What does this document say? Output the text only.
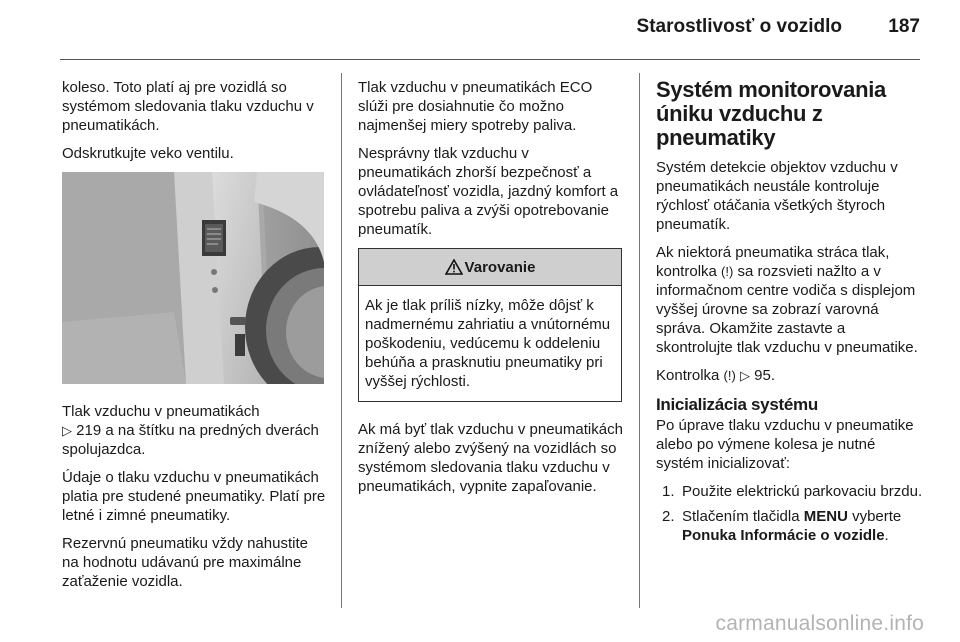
Starostlivosť o vozidlo 187

koleso. Toto platí aj pre vozidlá so systémom sledovania tlaku vzduchu v pneumatikách.

Odskrutkujte veko ventilu.

Tlak vzduchu v pneumatikách
▷ 219 a na štítku na predných dverách spolujazdca.

Údaje o tlaku vzduchu v pneumatikách platia pre studené pneumatiky. Platí pre letné i zimné pneumatiky.

Rezervnú pneumatiku vždy nahustite na hodnotu udávanú pre maximálne zaťaženie vozidla.

Tlak vzduchu v pneumatikách ECO slúži pre dosiahnutie čo možno najmenšej miery spotreby paliva.

Nesprávny tlak vzduchu v pneumatikách zhorší bezpečnosť a ovládateľnosť vozidla, jazdný komfort a spotrebu paliva a zvýši opotrebovanie pneumatík.

Varovanie

Ak je tlak príliš nízky, môže dôjsť k nadmernému zahriatiu a vnútornému poškodeniu, vedúcemu k oddeleniu behúňa a prasknutiu pneumatiky pri vyššej rýchlosti.

Ak má byť tlak vzduchu v pneumatikách znížený alebo zvýšený na vozidlách so systémom sledovania tlaku vzduchu v pneumatikách, vypnite zapaľovanie.

Systém monitorovania úniku vzduchu z pneumatiky

Systém detekcie objektov vzduchu v pneumatikách neustále kontroluje rýchlosť otáčania všetkých štyroch pneumatík.

Ak niektorá pneumatika stráca tlak, kontrolka (!) sa rozsvieti nažlto a v informačnom centre vodiča s displejom vyššej úrovne sa zobrazí varovná správa. Okamžite zastavte a skontrolujte tlak vzduchu v pneumatike.

Kontrolka (!) ▷ 95.

Inicializácia systému

Po úprave tlaku vzduchu v pneumatike alebo po výmene kolesa je nutné systém inicializovať:

1. Použite elektrickú parkovaciu brzdu.
2. Stlačením tlačidla MENU vyberte Ponuka Informácie o vozidle.
carmanualsonline.info
